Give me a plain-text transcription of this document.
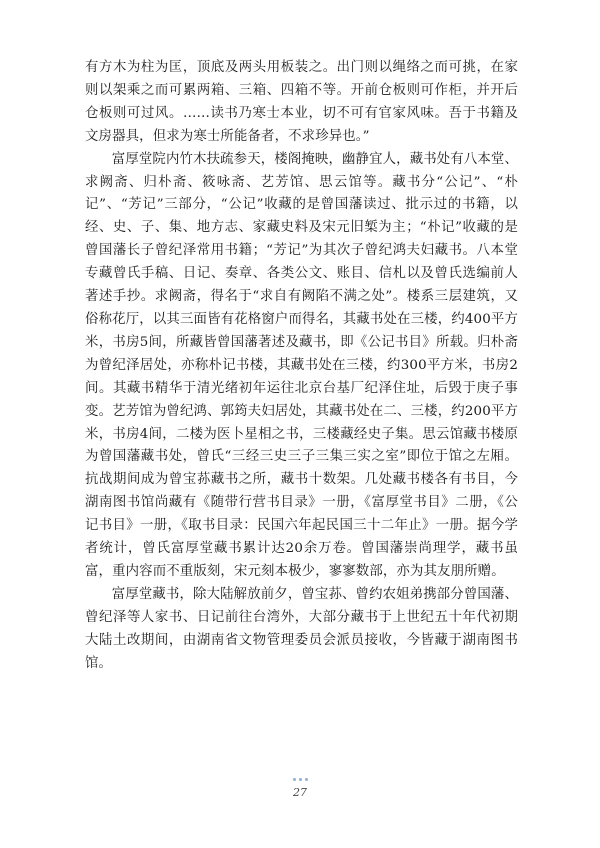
有方木为柱为匡，顶底及两头用板装之。出门则以绳络之而可挑，在家则以架乘之而可累两箱、三箱、四箱不等。开前仓板则可作柜，并开后仓板则可过风。……读书乃寒士本业，切不可有官家风味。吾于书籍及文房器具，但求为寒士所能备者，不求珍异也。”

富厚堂院内竹木扶疏参天，楼阁掩映，幽静宜人，藏书处有八本堂、求阙斋、归朴斋、筱咏斋、艺芳馆、思云馆等。藏书分“公记”、“朴记”、“芳记”三部分，“公记”收藏的是曾国藩读过、批示过的书籍，以经、史、子、集、地方志、家藏史料及宋元旧椠为主；“朴记”收藏的是曾国藩长子曾纪泽常用书籍；“芳记”为其次子曾纪鸿夫妇藏书。八本堂专藏曾氏手稿、日记、奏章、各类公文、账目、信札以及曾氏选编前人著述手抄。求阙斋，得名于“求自有阙陷不满之处”。楼系三层建筑，又俗称花厅，以其三面皆有花格窗户而得名，其藏书处在三楼，约400平方米，书房5间，所藏皆曾国藩著述及藏书，即《公记书目》所载。归朴斋为曾纪泽居处，亦称朴记书楼，其藏书处在三楼，约300平方米，书房2间。其藏书精华于清光绪初年运往北京台基厂纪泽住址，后毁于庚子事变。艺芳馆为曾纪鸿、郭筠夫妇居处，其藏书处在二、三楼，约200平方米，书房4间，二楼为医卜星相之书，三楼藏经史子集。思云馆藏书楼原为曾国藩藏书处，曾氏“三经三史三子三集三实之室”即位于馆之左厢。抗战期间成为曾宝荪藏书之所，藏书十数架。几处藏书楼各有书目，今湖南图书馆尚藏有《随带行营书目录》一册，《富厚堂书目》二册，《公记书目》一册，《取书目录：民国六年起民国三十二年止》一册。据今学者统计，曾氏富厚堂藏书累计达20余万卷。曾国藩崇尚理学，藏书虽富，重内容而不重版刻，宋元刻本极少，寥寥数部，亦为其友朋所赠。

富厚堂藏书，除大陆解放前夕，曾宝荪、曾约农姐弟携部分曾国藩、曾纪泽等人家书、日记前往台湾外，大部分藏书于上世纪五十年代初期大陆土改期间，由湖南省文物管理委员会派员接收，今皆藏于湖南图书馆。

27
